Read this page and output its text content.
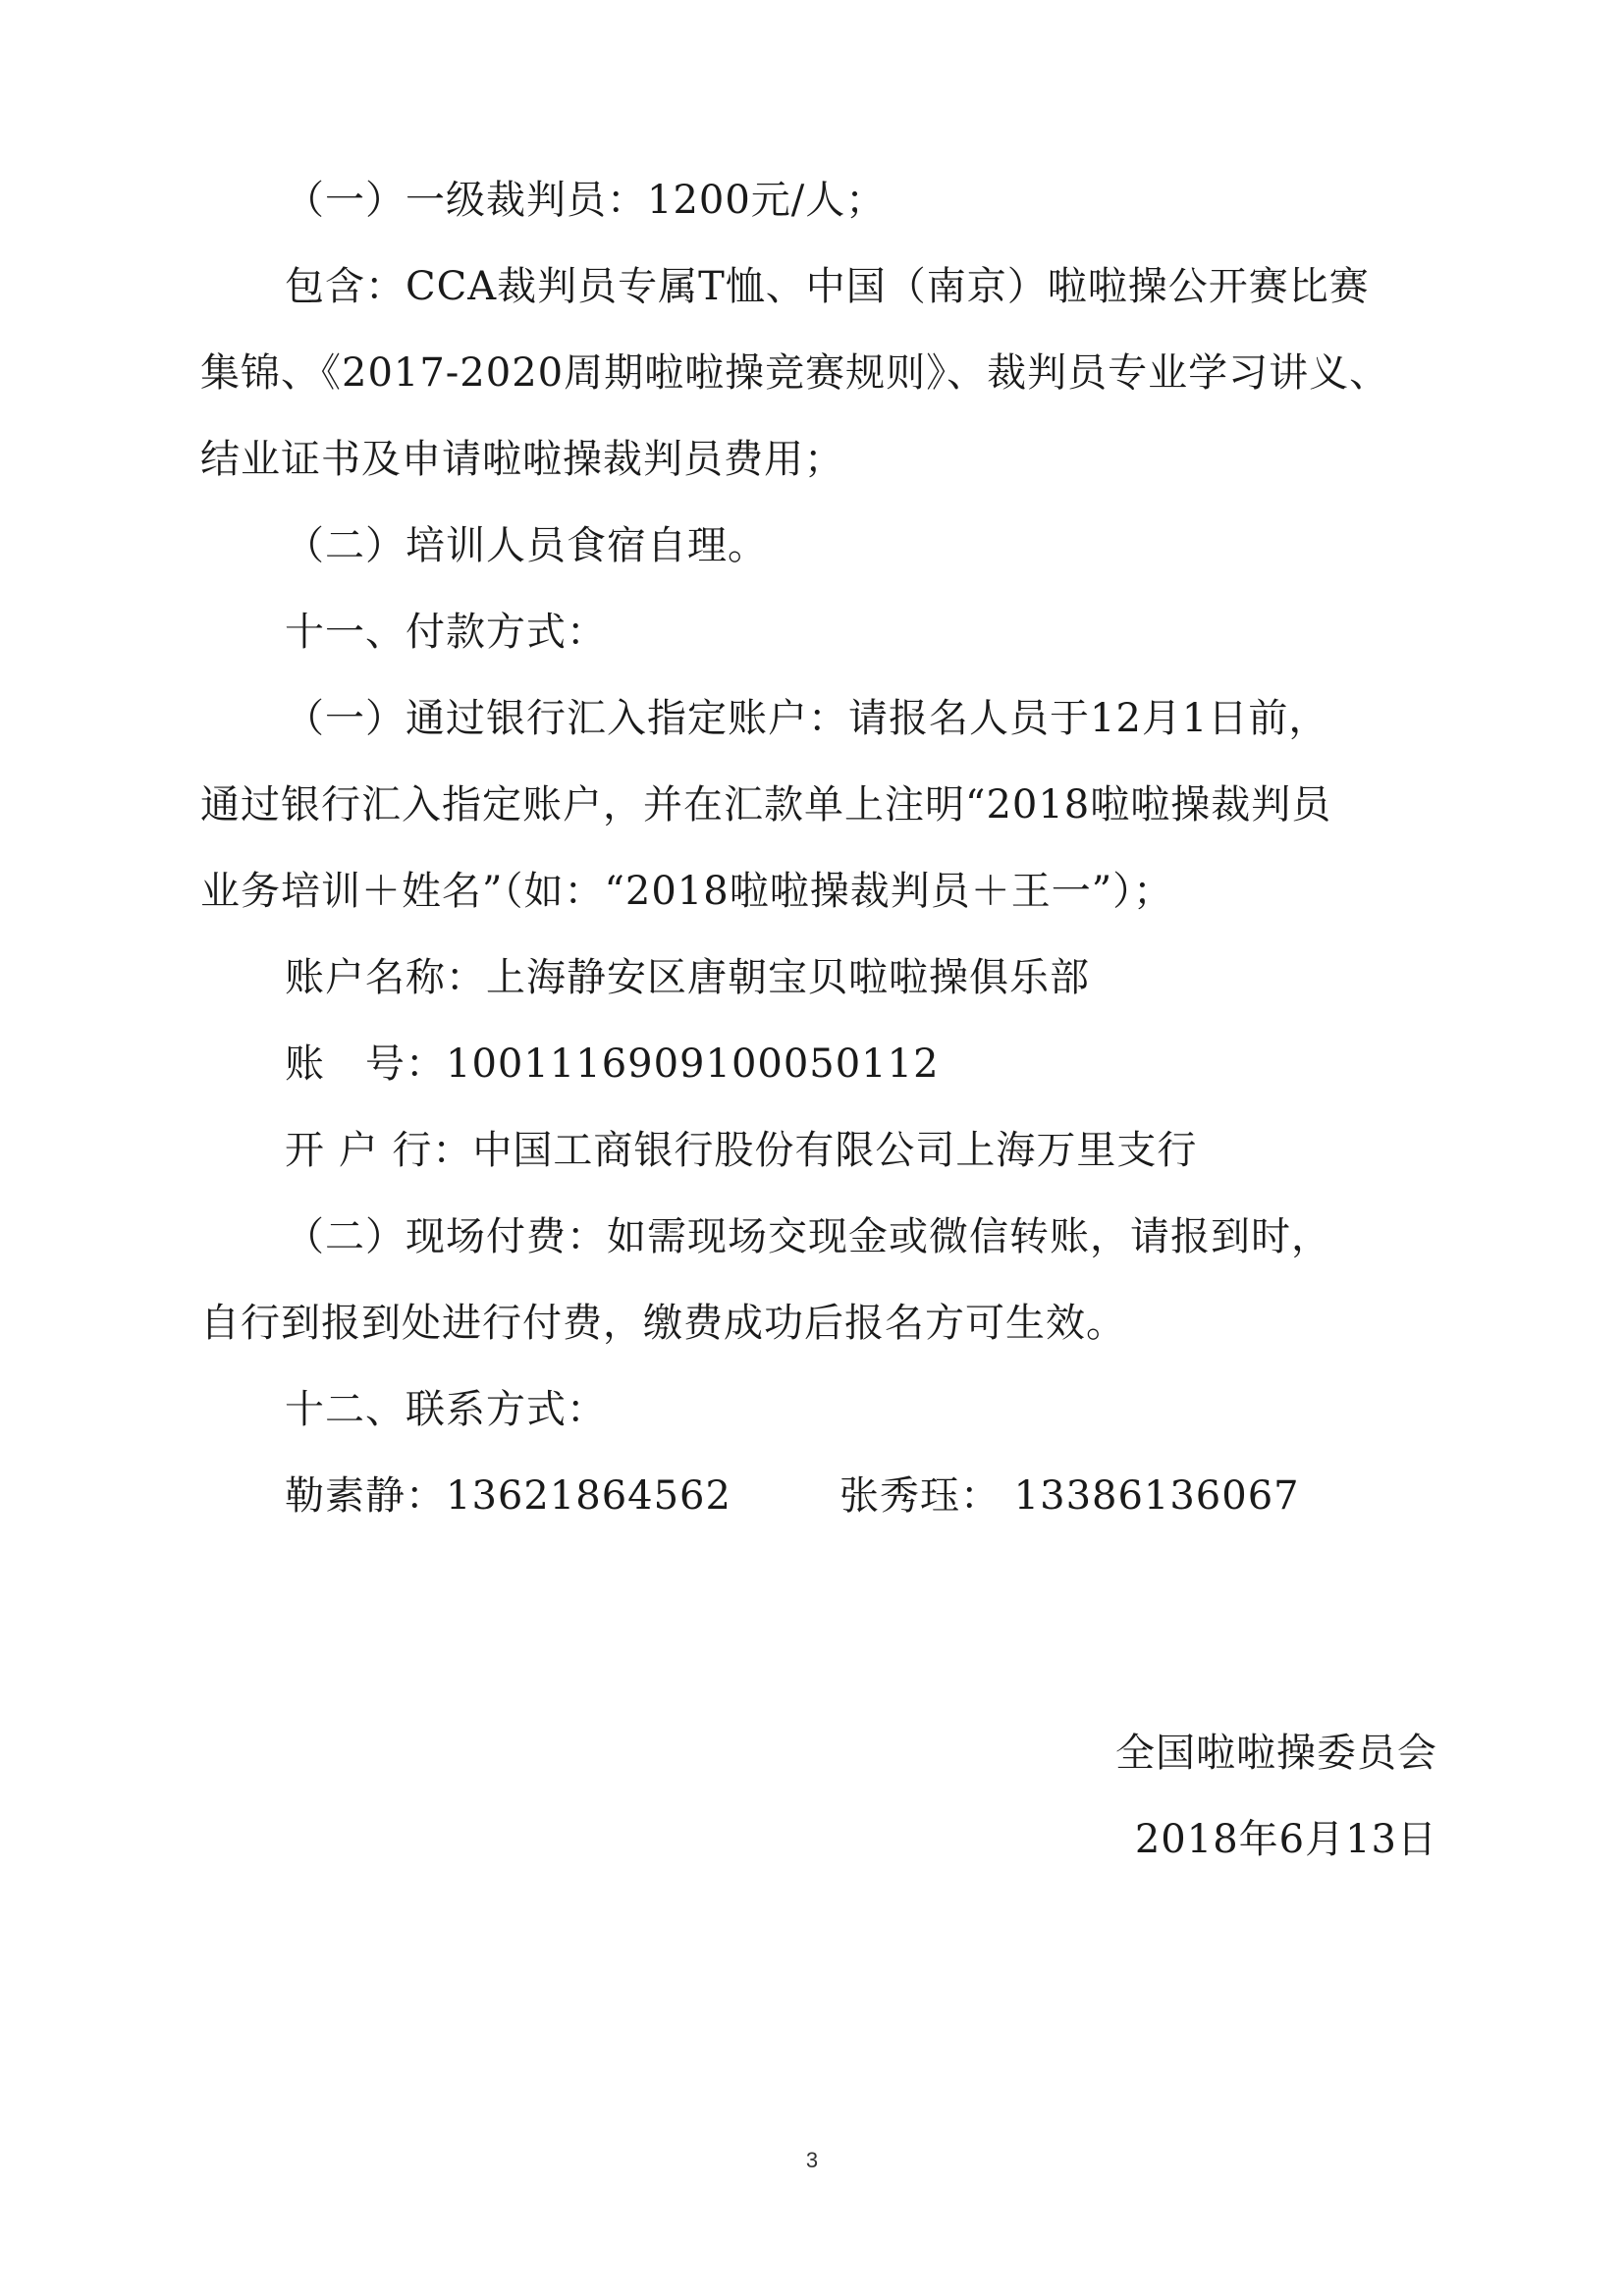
（一）一级裁判员：1200元/人；
包含：CCA裁判员专属T恤、中国（南京）啦啦操公开赛比赛
集锦、《2017-2020周期啦啦操竞赛规则》、裁判员专业学习讲义、
结业证书及申请啦啦操裁判员费用；
（二）培训人员食宿自理。
十一、付款方式：
（一）通过银行汇入指定账户：请报名人员于12月1日前，
通过银行汇入指定账户，并在汇款单上注明“2018啦啦操裁判员
业务培训＋姓名”（如：“2018啦啦操裁判员＋王一”）；
账户名称：上海静安区唐朝宝贝啦啦操俱乐部
账　号：1001116909100050112
开 户 行：中国工商银行股份有限公司上海万里支行
（二）现场付费：如需现场交现金或微信转账，请报到时，
自行到报到处进行付费，缴费成功后报名方可生效。
十二、联系方式：
勒素静：13621864562	张秀珏： 13386136067
全国啦啦操委员会
2018年6月13日
3
